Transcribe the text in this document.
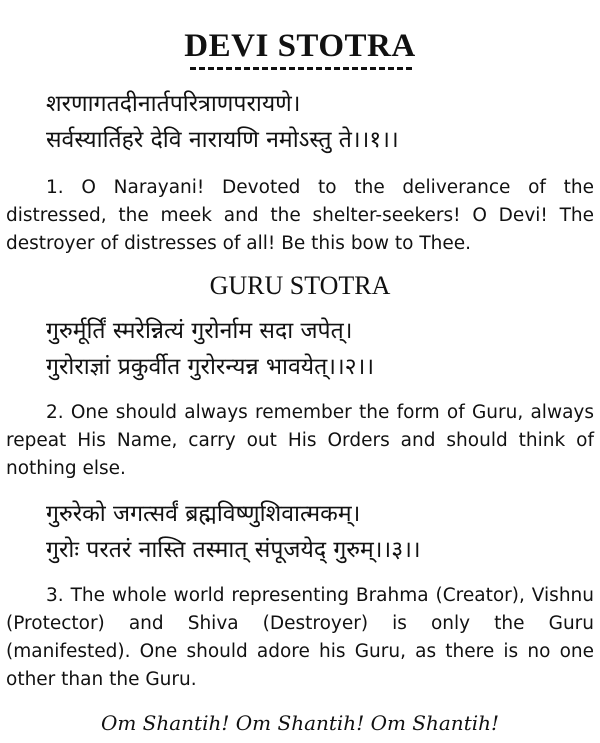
DEVI STOTRA
शरणागतदीनार्तपरित्राणपरायणे।
सर्वस्यार्तिहरे देवि नारायणि नमोऽस्तु ते।।१।।
1. O Narayani! Devoted to the deliverance of the distressed, the meek and the shelter-seekers! O Devi! The destroyer of distresses of all! Be this bow to Thee.
GURU STOTRA
गुरुर्मूर्तिं स्मरेन्नित्यं गुरोर्नाम सदा जपेत्।
गुरोराज्ञां प्रकुर्वीत गुरोरन्यन्न भावयेत्।।२।।
2. One should always remember the form of Guru, always repeat His Name, carry out His Orders and should think of nothing else.
गुरुरेको जगत्सर्वं ब्रह्मविष्णुशिवात्मकम्।
गुरोः परतरं नास्ति तस्मात् संपूजयेद् गुरुम्।।३।।
3. The whole world representing Brahma (Creator), Vishnu (Protector) and Shiva (Destroyer) is only the Guru (manifested). One should adore his Guru, as there is no one other than the Guru.
Om Shantih! Om Shantih! Om Shantih!
